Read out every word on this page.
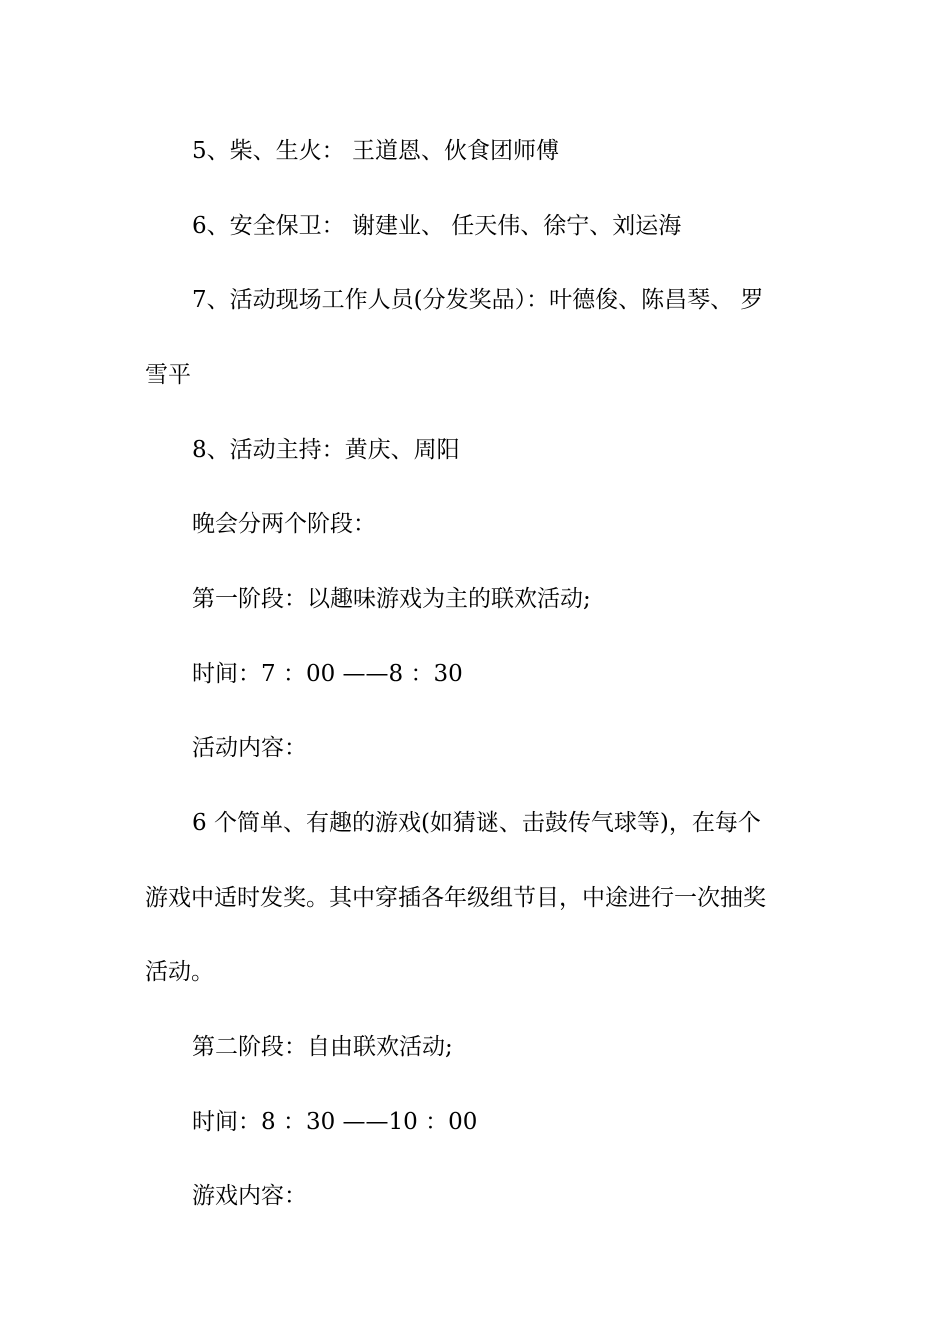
5、柴、生火： 王道恩、伙食团师傅
6、安全保卫： 谢建业、 任天伟、徐宁、刘运海
7、活动现场工作人员(分发奖品）：叶德俊、陈昌琴、 罗
雪平
8、活动主持：黄庆、周阳
晚会分两个阶段：
第一阶段：以趣味游戏为主的联欢活动;
时间：7 ：00 ——8 ：30
活动内容：
6 个简单、有趣的游戏(如猜谜、击鼓传气球等)，在每个
游戏中适时发奖。其中穿插各年级组节目，中途进行一次抽奖
活动。
第二阶段：自由联欢活动;
时间：8 ：30 ——10 ：00
游戏内容：
